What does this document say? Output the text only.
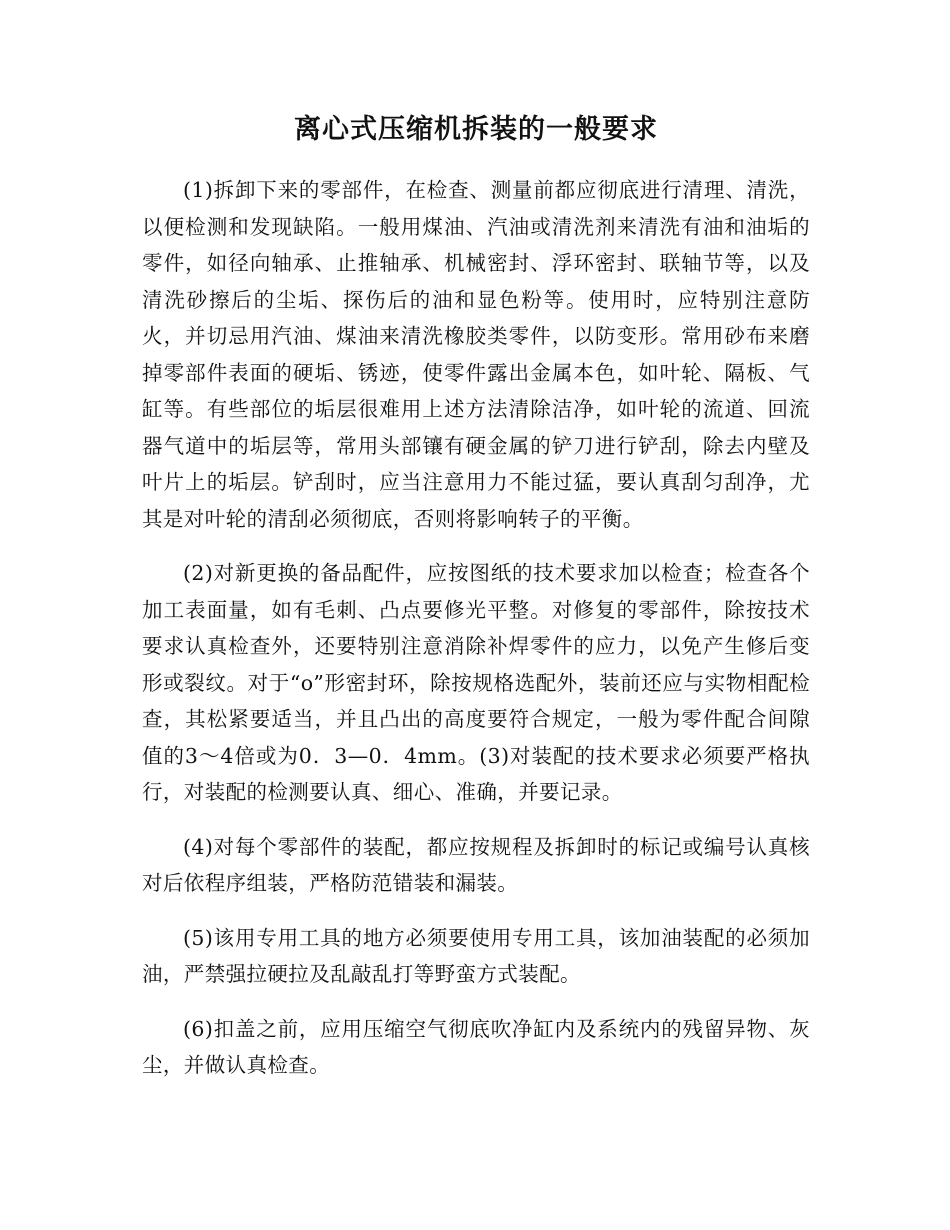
离心式压缩机拆装的一般要求

(1)拆卸下来的零部件，在检查、测量前都应彻底进行清理、清洗，以便检测和发现缺陷。一般用煤油、汽油或清洗剂来清洗有油和油垢的零件，如径向轴承、止推轴承、机械密封、浮环密封、联轴节等，以及清洗砂擦后的尘垢、探伤后的油和显色粉等。使用时，应特别注意防火，并切忌用汽油、煤油来清洗橡胶类零件，以防变形。常用砂布来磨掉零部件表面的硬垢、锈迹，使零件露出金属本色，如叶轮、隔板、气缸等。有些部位的垢层很难用上述方法清除洁净，如叶轮的流道、回流器气道中的垢层等，常用头部镶有硬金属的铲刀进行铲刮，除去内壁及叶片上的垢层。铲刮时，应当注意用力不能过猛，要认真刮匀刮净，尤其是对叶轮的清刮必须彻底，否则将影响转子的平衡。

(2)对新更换的备品配件，应按图纸的技术要求加以检查；检查各个加工表面量，如有毛刺、凸点要修光平整。对修复的零部件，除按技术要求认真检查外，还要特别注意消除补焊零件的应力，以免产生修后变形或裂纹。对于“o”形密封环，除按规格选配外，装前还应与实物相配检查，其松紧要适当，并且凸出的高度要符合规定，一般为零件配合间隙值的3～4倍或为0．3—0．4mm。(3)对装配的技术要求必须要严格执行，对装配的检测要认真、细心、准确，并要记录。

(4)对每个零部件的装配，都应按规程及拆卸时的标记或编号认真核对后依程序组装，严格防范错装和漏装。

(5)该用专用工具的地方必须要使用专用工具，该加油装配的必须加油，严禁强拉硬拉及乱敲乱打等野蛮方式装配。

(6)扣盖之前，应用压缩空气彻底吹净缸内及系统内的残留异物、灰尘，并做认真检查。
